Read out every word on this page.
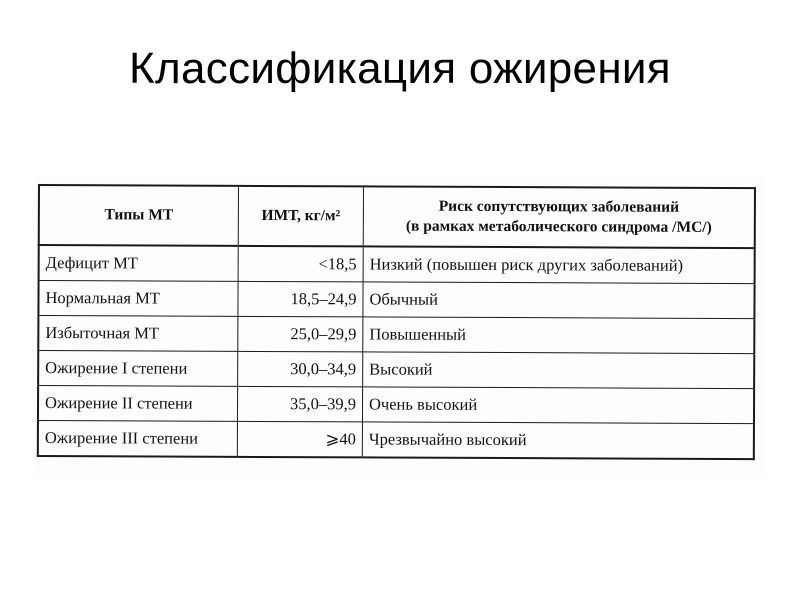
Классификация ожирения
Типы МТ	ИМТ, кг/м²	Риск сопутствующих заболеваний
(в рамках метаболического синдрома /МС/)

Дефицит МТ	<18,5	Низкий (повышен риск других заболеваний)
Нормальная МТ	18,5–24,9	Обычный
Избыточная МТ	25,0–29,9	Повышенный
Ожирение I степени	30,0–34,9	Высокий
Ожирение II степени	35,0–39,9	Очень высокий
Ожирение III степени	⩾40	Чрезвычайно высокий
